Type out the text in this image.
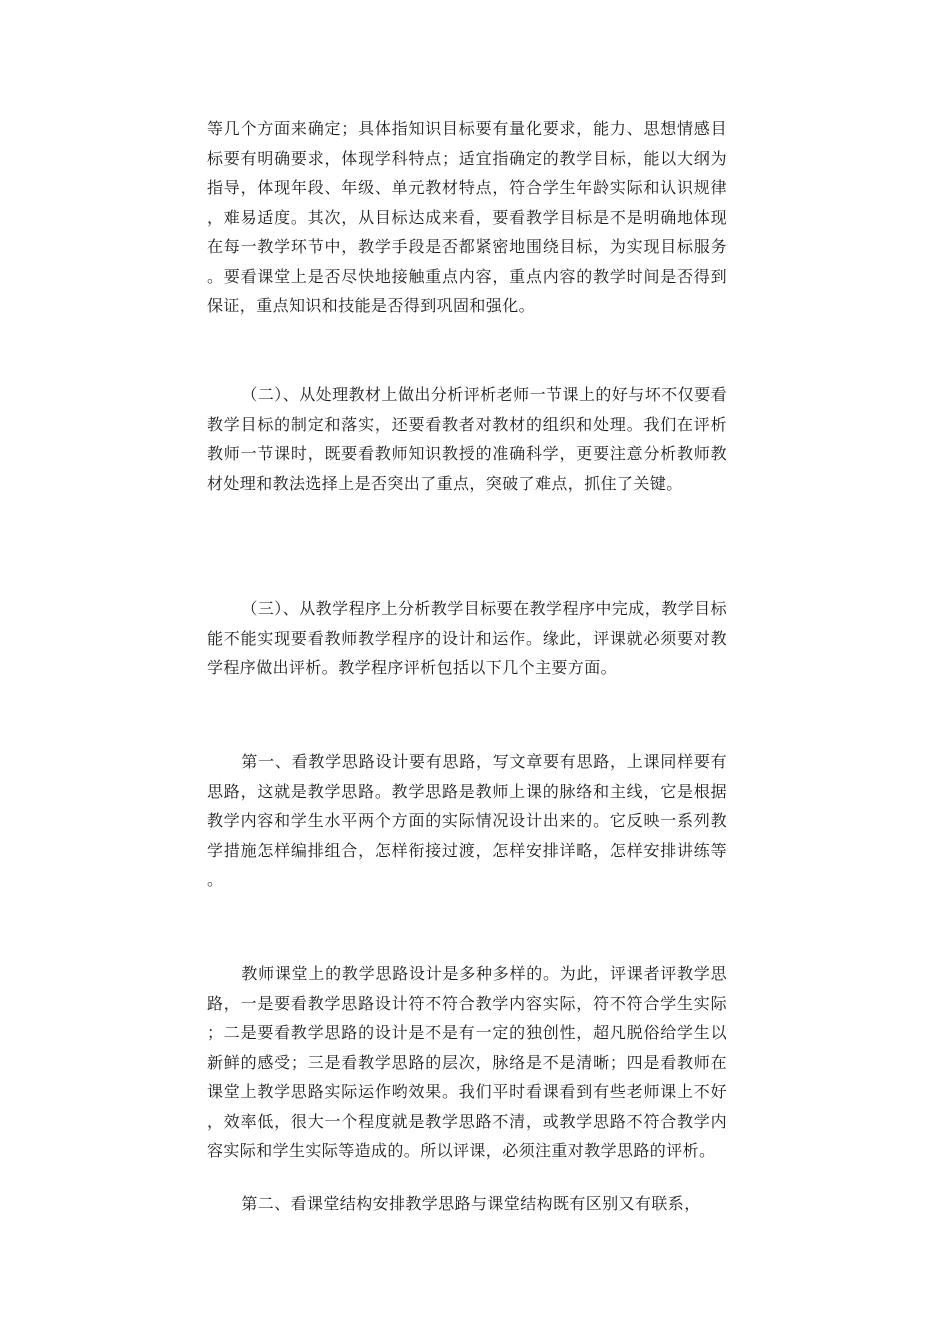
等几个方面来确定；具体指知识目标要有量化要求，能力、思想情感目标要有明确要求，体现学科特点；适宜指确定的教学目标，能以大纲为指导，体现年段、年级、单元教材特点，符合学生年龄实际和认识规律，难易适度。其次，从目标达成来看，要看教学目标是不是明确地体现在每一教学环节中，教学手段是否都紧密地围绕目标，为实现目标服务。要看课堂上是否尽快地接触重点内容，重点内容的教学时间是否得到保证，重点知识和技能是否得到巩固和强化。

（二）、从处理教材上做出分析评析老师一节课上的好与坏不仅要看教学目标的制定和落实，还要看教者对教材的组织和处理。我们在评析教师一节课时，既要看教师知识教授的准确科学，更要注意分析教师教材处理和教法选择上是否突出了重点，突破了难点，抓住了关键。

（三）、从教学程序上分析教学目标要在教学程序中完成，教学目标能不能实现要看教师教学程序的设计和运作。缘此，评课就必须要对教学程序做出评析。教学程序评析包括以下几个主要方面。

第一、看教学思路设计要有思路，写文章要有思路，上课同样要有思路，这就是教学思路。教学思路是教师上课的脉络和主线，它是根据教学内容和学生水平两个方面的实际情况设计出来的。它反映一系列教学措施怎样编排组合，怎样衔接过渡，怎样安排详略，怎样安排讲练等。

教师课堂上的教学思路设计是多种多样的。为此，评课者评教学思路，一是要看教学思路设计符不符合教学内容实际，符不符合学生实际；二是要看教学思路的设计是不是有一定的独创性，超凡脱俗给学生以新鲜的感受；三是看教学思路的层次，脉络是不是清晰；四是看教师在课堂上教学思路实际运作哟效果。我们平时看课看到有些老师课上不好，效率低，很大一个程度就是教学思路不清，或教学思路不符合教学内容实际和学生实际等造成的。所以评课，必须注重对教学思路的评析。

第二、看课堂结构安排教学思路与课堂结构既有区别又有联系，
